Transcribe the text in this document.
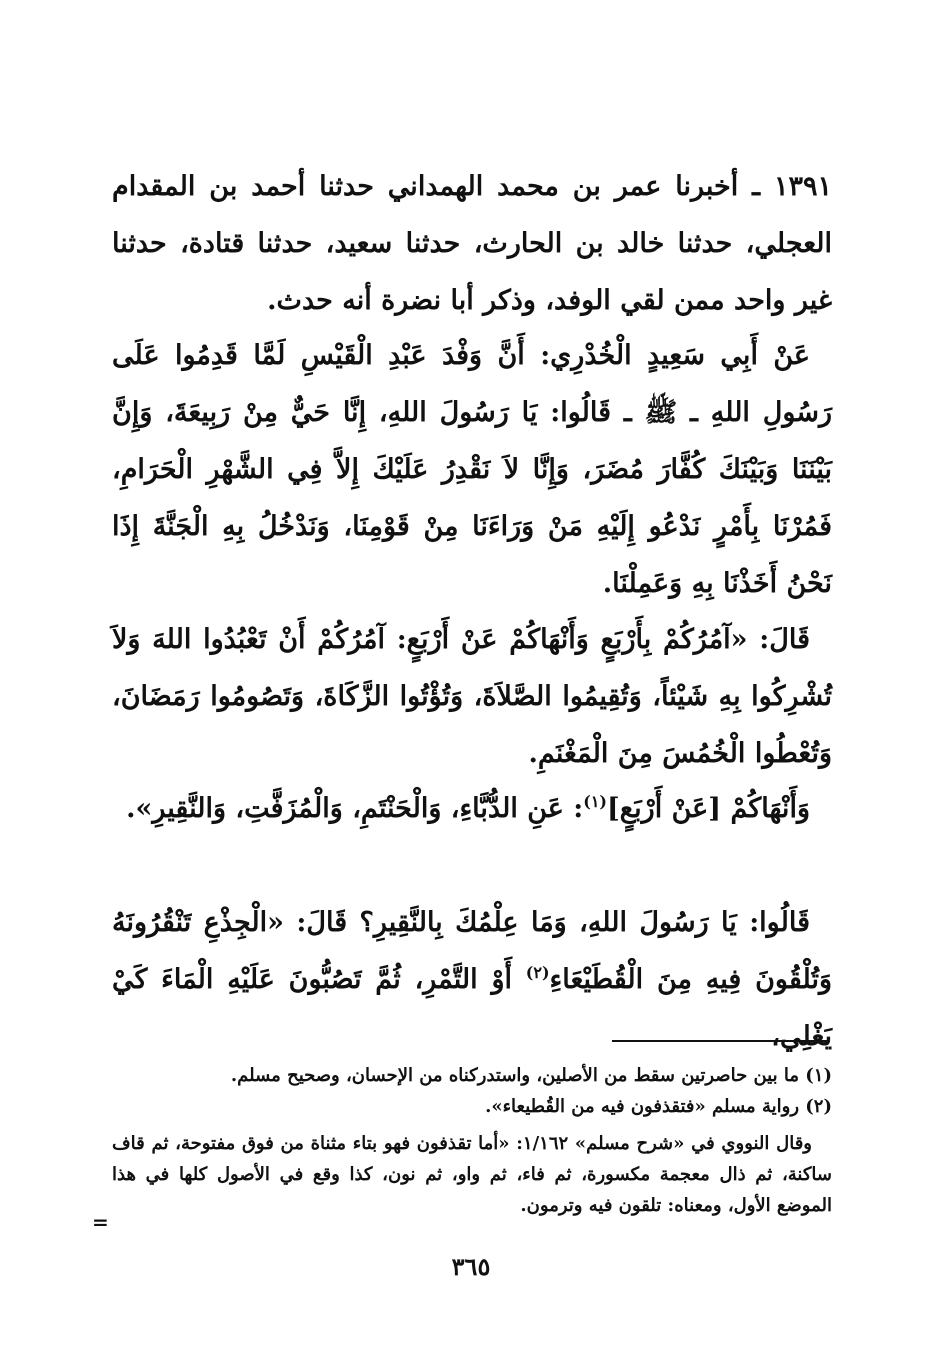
١٣٩١ ـ أخبرنا عمر بن محمد الهمداني حدثنا أحمد بن المقدام العجلي، حدثنا خالد بن الحارث، حدثنا سعيد، حدثنا قتادة، حدثنا غير واحد ممن لقي الوفد، وذكر أبا نضرة أنه حدث.

عَنْ أَبِي سَعِيدٍ الْخُدْرِي: أَنَّ وَفْدَ عَبْدِ الْقَيْسِ لَمَّا قَدِمُوا عَلَى رَسُولِ اللهِ ـ ﷺ ـ قَالُوا: يَا رَسُولَ اللهِ، إِنَّا حَيٌّ مِنْ رَبِيعَةَ، وَإِنَّ بَيْنَنَا وَبَيْنَكَ كُفَّارَ مُضَرَ، وَإِنَّا لاَ نَقْدِرُ عَلَيْكَ إِلاَّ فِي الشَّهْرِ الْحَرَامِ، فَمُرْنَا بِأَمْرٍ نَدْعُو إِلَيْهِ مَنْ وَرَاءَنَا مِنْ قَوْمِنَا، وَنَدْخُلُ بِهِ الْجَنَّةَ إِذَا نَحْنُ أَخَذْنَا بِهِ وَعَمِلْنَا.

قَالَ: «آمُرُكُمْ بِأَرْبَعٍ وَأَنْهَاكُمْ عَنْ أَرْبَعٍ: آمُرُكُمْ أَنْ تَعْبُدُوا اللهَ وَلاَ تُشْرِكُوا بِهِ شَيْئاً، وَتُقِيمُوا الصَّلاَةَ، وَتُؤْتُوا الزَّكَاةَ، وَتَصُومُوا رَمَضَانَ، وَتُعْطُوا الْخُمُسَ مِنَ الْمَغْنَمِ.

وَأَنْهَاكُمْ [عَنْ أَرْبَعٍ]$^{(١)}$: عَنِ الدُّبَّاءِ، وَالْحَنْتَمِ، وَالْمُزَفَّتِ، وَالنَّقِيرِ».

قَالُوا: يَا رَسُولَ اللهِ، وَمَا عِلْمُكَ بِالنَّقِيرِ؟ قَالَ: «الْجِذْعِ تَنْقُرُونَهُ وَتُلْقُونَ فِيهِ مِنَ الْقُطَيْعَاءِ$^{(٢)}$ أَوْ التَّمْرِ، ثُمَّ تَصُبُّونَ عَلَيْهِ الْمَاءَ كَيْ يَغْلِي،

(١) ما بين حاصرتين سقط من الأصلين، واستدركناه من الإحسان، وصحيح مسلم.

(٢) رواية مسلم «فتقذفون فيه من القُطيعاء».

وقال النووي في «شرح مسلم» ١/١٦٢: «أما تقذفون فهو بتاء مثناة من فوق مفتوحة، ثم قاف ساكنة، ثم ذال معجمة مكسورة، ثم فاء، ثم واو، ثم نون، كذا وقع في الأصول كلها في هذا الموضع الأول، ومعناه: تلقون فيه وترمون.

=
٣٦٥
